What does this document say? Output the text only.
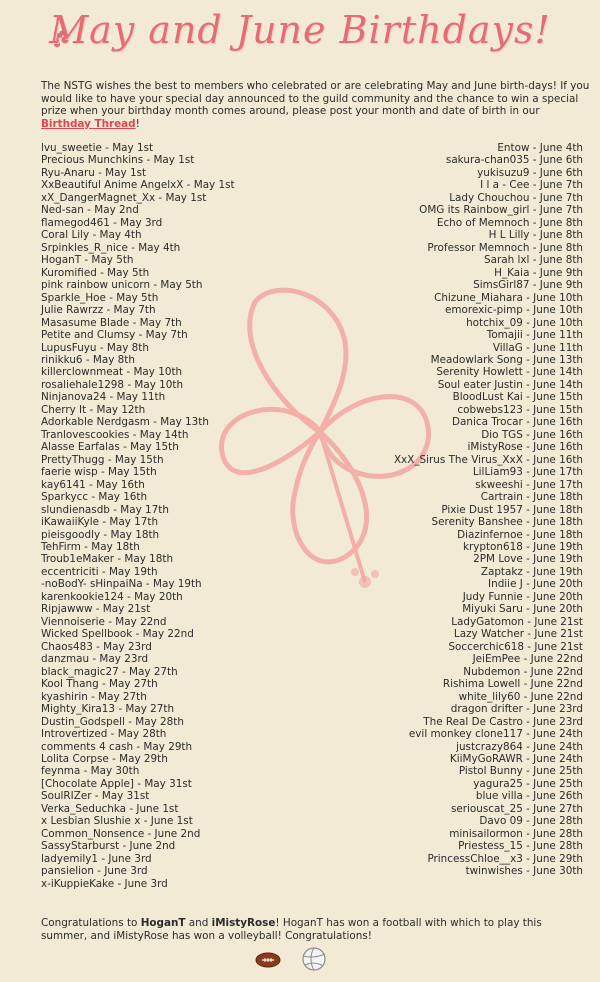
May and June Birthdays!
The NSTG wishes the best to members who celebrated or are celebrating May and June birth-days! If you would like to have your special day announced to the guild community and the chance to win a special prize when your birthday month comes around, please post your month and date of birth in our Birthday Thread!
lvu_sweetie - May 1st
Precious Munchkins - May 1st
Ryu-Anaru - May 1st
XxBeautiful Anime AngelxX - May 1st
xX_DangerMagnet_Xx - May 1st
Ned-san - May 2nd
flamegod461 - May 3rd
Coral Lily - May 4th
Srpinkles_R_nice - May 4th
HoganT - May 5th
Kuromified - May 5th
pink rainbow unicorn - May 5th
Sparkle_Hoe - May 5th
Julie Rawrzz - May 7th
Masasume Blade - May 7th
Petite and Clumsy - May 7th
LupusFuyu - May 8th
rinikku6 - May 8th
killerclownmeat - May 10th
rosaliehale1298 - May 10th
Ninjanova24 - May 11th
Cherry It - May 12th
Adorkable Nerdgasm - May 13th
Tranlovescookies - May 14th
Alasse Earfalas - May 15th
PrettyThugg - May 15th
faerie wisp - May 15th
kay6141 - May 16th
Sparkycc - May 16th
slundienasdb - May 17th
iKawaiiKyle - May 17th
pieisgoodly - May 18th
TehFirm - May 18th
Troub1eMaker - May 18th
eccentriciti - May 19th
-noBodY- sHinpaiNa - May 19th
karenkookie124 - May 20th
Ripjawww - May 21st
Viennoiserie - May 22nd
Wicked Spellbook - May 22nd
Chaos483 - May 23rd
danzmau - May 23rd
black_magic27 - May 27th
Kool Thang - May 27th
kyashirin - May 27th
Mighty_Kira13 - May 27th
Dustin_Godspell - May 28th
Introvertized - May 28th
comments 4 cash - May 29th
Lolita Corpse - May 29th
feynma - May 30th
[Chocolate Apple] - May 31st
SoulRIZer - May 31st
Verka_Seduchka - June 1st
x Lesbian Slushie x - June 1st
Common_Nonsence - June 2nd
SassyStarburst - June 2nd
ladyemily1 - June 3rd
pansielion - June 3rd
x-iKuppieKake - June 3rd
Entow - June 4th
sakura-chan035 - June 6th
yukisuzu9 - June 6th
I l a - Cee - June 7th
Lady Chouchou - June 7th
OMG its Rainbow_girl - June 7th
Echo of Memnoch - June 8th
H L Lilly - June 8th
Professor Memnoch - June 8th
Sarah lxl - June 8th
H_Kaia - June 9th
SimsGirl87 - June 9th
Chizune_Miahara - June 10th
emorexic-pimp - June 10th
hotchix_09 - June 10th
Tomajii - June 11th
VillaG - June 11th
Meadowlark Song - June 13th
Serenity Howlett - June 14th
Soul eater Justin - June 14th
BloodLust Kai - June 15th
cobwebs123 - June 15th
Danica Trocar - June 16th
Dio TGS - June 16th
iMistyRose - June 16th
XxX_Sirus The Virus_XxX - June 16th
LilLiam93 - June 17th
skweeshi - June 17th
Cartrain - June 18th
Pixie Dust 1957 - June 18th
Serenity Banshee - June 18th
Diazinfernoe - June 18th
krypton618 - June 19th
2PM Love - June 19th
Zaptakz - June 19th
Indiie J - June 20th
Judy Funnie - June 20th
Miyuki Saru - June 20th
LadyGatomon - June 21st
Lazy Watcher - June 21st
Soccerchic618 - June 21st
JeiEmPee - June 22nd
Nubdemon - June 22nd
Rishima Lowell - June 22nd
white_lily60 - June 22nd
dragon drifter - June 23rd
The Real De Castro - June 23rd
evil monkey clone117 - June 24th
justcrazy864 - June 24th
KiiMyGoRAWR - June 24th
Pistol Bunny - June 25th
yagura25 - June 25th
blue villa - June 26th
seriouscat_25 - June 27th
Davo 09 - June 28th
minisailormon - June 28th
Priestess_15 - June 28th
PrincessChloe__x3 - June 29th
twinwishes - June 30th
Congratulations to HoganT and iMistyRose! HoganT has won a football with which to play this summer, and iMistyRose has won a volleyball! Congratulations!
